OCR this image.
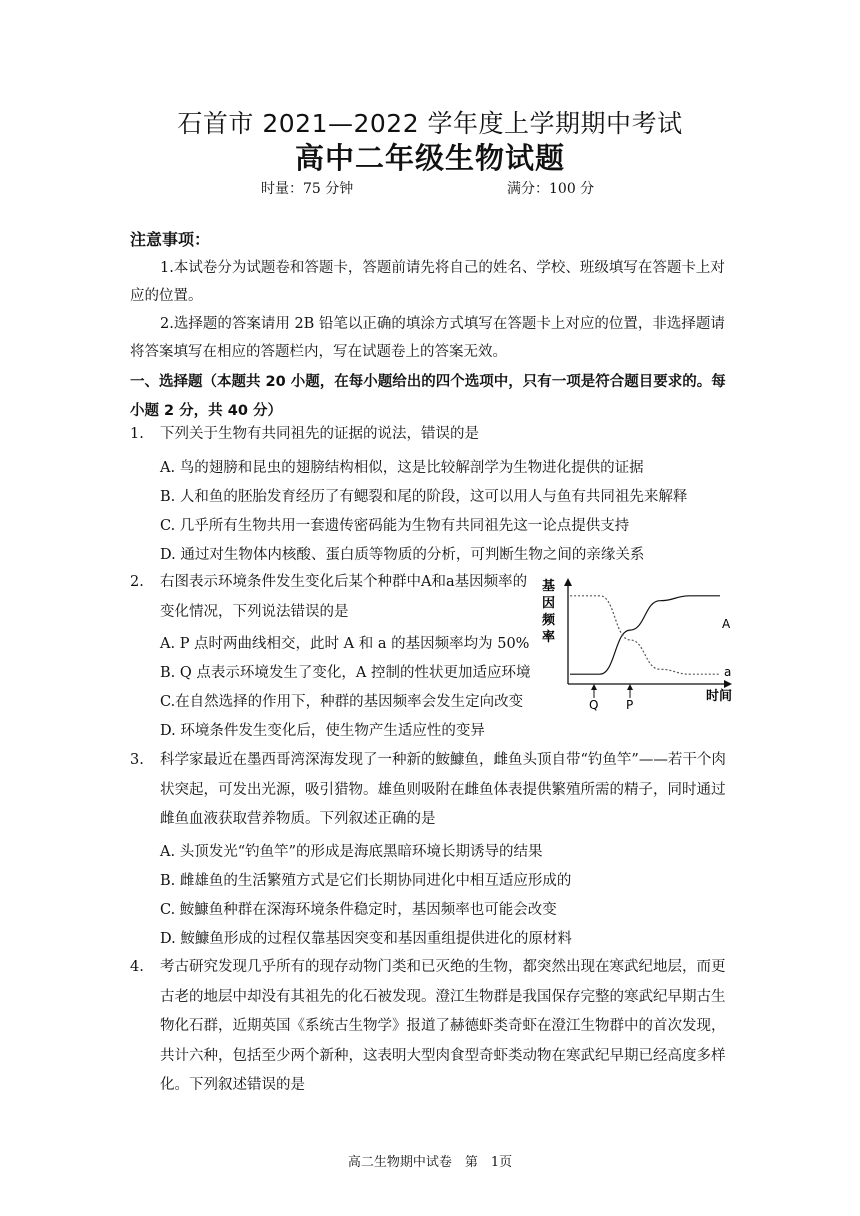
石首市 2021—2022 学年度上学期期中考试
高中二年级生物试题
时量：75 分钟	满分：100 分
注意事项：
1.本试卷分为试题卷和答题卡，答题前请先将自己的姓名、学校、班级填写在答题卡上对应的位置。
2.选择题的答案请用 2B 铅笔以正确的填涂方式填写在答题卡上对应的位置，非选择题请将答案填写在相应的答题栏内，写在试题卷上的答案无效。
一、选择题（本题共 20 小题，在每小题给出的四个选项中，只有一项是符合题目要求的。每小题 2 分，共 40 分）
1. 下列关于生物有共同祖先的证据的说法，错误的是
A. 鸟的翅膀和昆虫的翅膀结构相似，这是比较解剖学为生物进化提供的证据
B. 人和鱼的胚胎发育经历了有鳃裂和尾的阶段，这可以用人与鱼有共同祖先来解释
C. 几乎所有生物共用一套遗传密码能为生物有共同祖先这一论点提供支持
D. 通过对生物体内核酸、蛋白质等物质的分析，可判断生物之间的亲缘关系
2. 右图表示环境条件发生变化后某个种群中A和a基因频率的变化情况，下列说法错误的是
A. P 点时两曲线相交，此时 A 和 a 的基因频率均为 50%
B. Q 点表示环境发生了变化，A 控制的性状更加适应环境
C.在自然选择的作用下，种群的基因频率会发生定向改变
D. 环境条件发生变化后，使生物产生适应性的变异
基因频率
时间
A
a
Q P
3. 科学家最近在墨西哥湾深海发现了一种新的鮟鱇鱼，雌鱼头顶自带“钓鱼竿”——若干个肉状突起，可发出光源，吸引猎物。雄鱼则吸附在雌鱼体表提供繁殖所需的精子，同时通过雌鱼血液获取营养物质。下列叙述正确的是
A. 头顶发光“钓鱼竿”的形成是海底黑暗环境长期诱导的结果
B. 雌雄鱼的生活繁殖方式是它们长期协同进化中相互适应形成的
C. 鮟鱇鱼种群在深海环境条件稳定时，基因频率也可能会改变
D. 鮟鱇鱼形成的过程仅靠基因突变和基因重组提供进化的原材料
4. 考古研究发现几乎所有的现存动物门类和已灭绝的生物，都突然出现在寒武纪地层，而更古老的地层中却没有其祖先的化石被发现。澄江生物群是我国保存完整的寒武纪早期古生物化石群，近期英国《系统古生物学》报道了赫德虾类奇虾在澄江生物群中的首次发现，共计六种，包括至少两个新种，这表明大型肉食型奇虾类动物在寒武纪早期已经高度多样化。下列叙述错误的是
高二生物期中试卷　第　1页
